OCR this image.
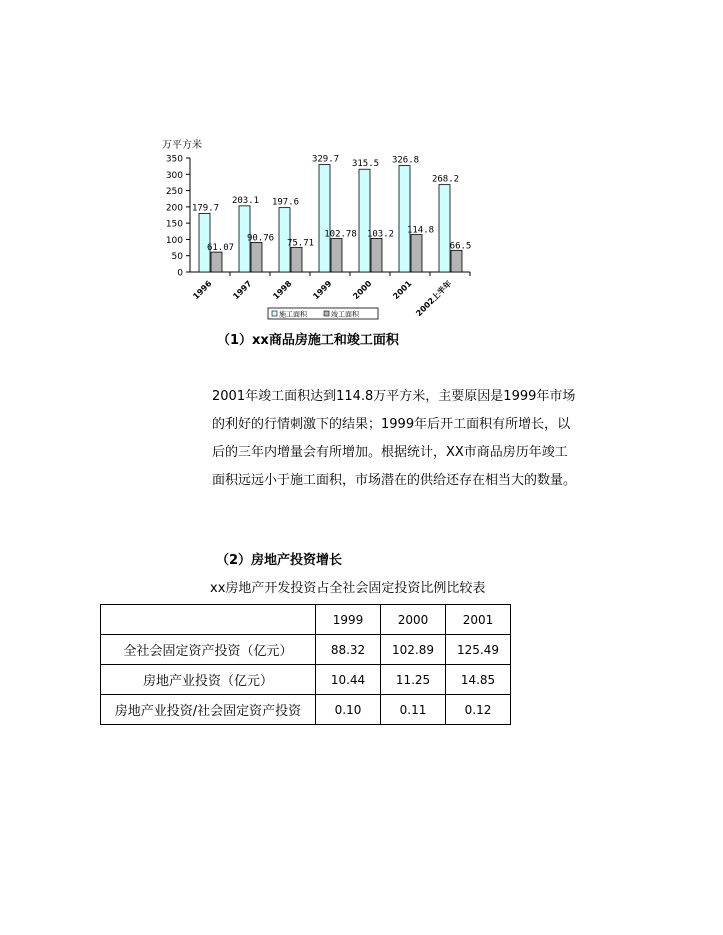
万平方米
0
50
100
150
200
250
300
350
179.7
61.07
1996
203.1
90.76
1997
197.6
75.71
1998
329.7
102.78
1999
315.5
103.2
2000
326.8
114.8
2001
268.2
66.5
2002上半年
施工面积	竣工面积
（1）xx商品房施工和竣工面积

2001年竣工面积达到114.8万平方米，主要原因是1999年市场

的利好的行情刺激下的结果；1999年后开工面积有所增长，以

后的三年内增量会有所增加。根据统计，XX市商品房历年竣工

面积远远小于施工面积，市场潜在的供给还存在相当大的数量。

（2）房地产投资增长
xx房地产开发投资占全社会固定投资比例比较表
	1999	2000	2001
全社会固定资产投资（亿元）	88.32	102.89	125.49
房地产业投资（亿元）	10.44	11.25	14.85
房地产业投资/社会固定资产投资	0.10	0.11	0.12
